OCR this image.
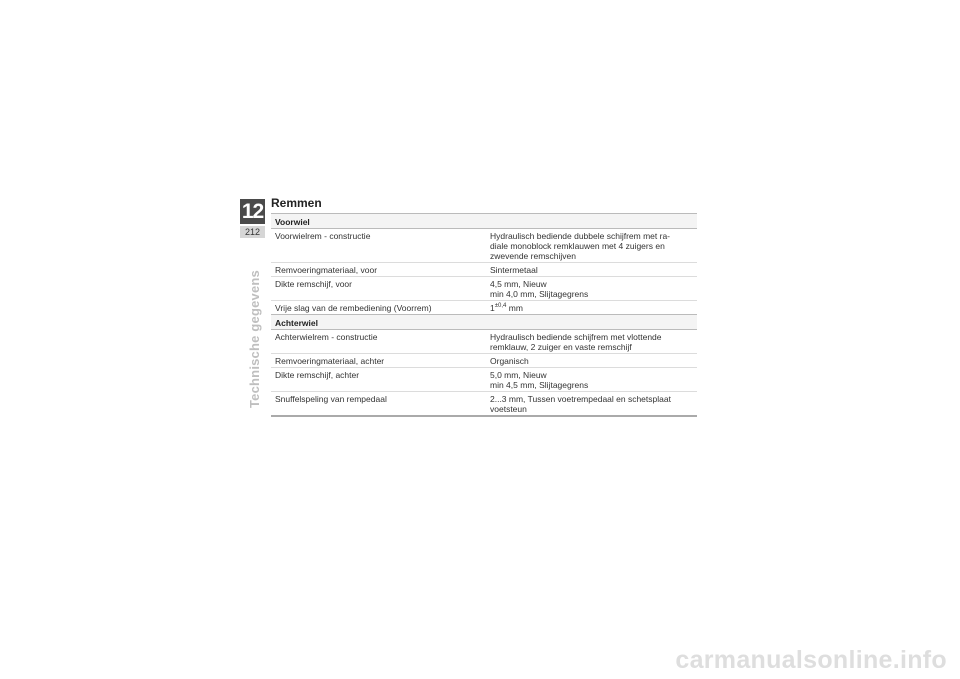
12
212
Technische gegevens
Remmen
Voorwiel
Voorwielrem - constructie	Hydraulisch bediende dubbele schijfrem met ra-
diale monoblock remklauwen met 4 zuigers en
zwevende remschijven
Remvoeringmateriaal, voor	Sintermetaal
Dikte remschijf, voor	4,5 mm, Nieuw
min 4,0 mm, Slijtagegrens
Vrije slag van de rembediening (Voorrem)	$1^{\pm 0,4}$ mm
Achterwiel
Achterwielrem - constructie	Hydraulisch bediende schijfrem met vlottende
remklauw, 2 zuiger en vaste remschijf
Remvoeringmateriaal, achter	Organisch
Dikte remschijf, achter	5,0 mm, Nieuw
min 4,5 mm, Slijtagegrens
Snuffelspeling van rempedaal	2...3 mm, Tussen voetrempedaal en schetsplaat
voetsteun
carmanualsonline.info
